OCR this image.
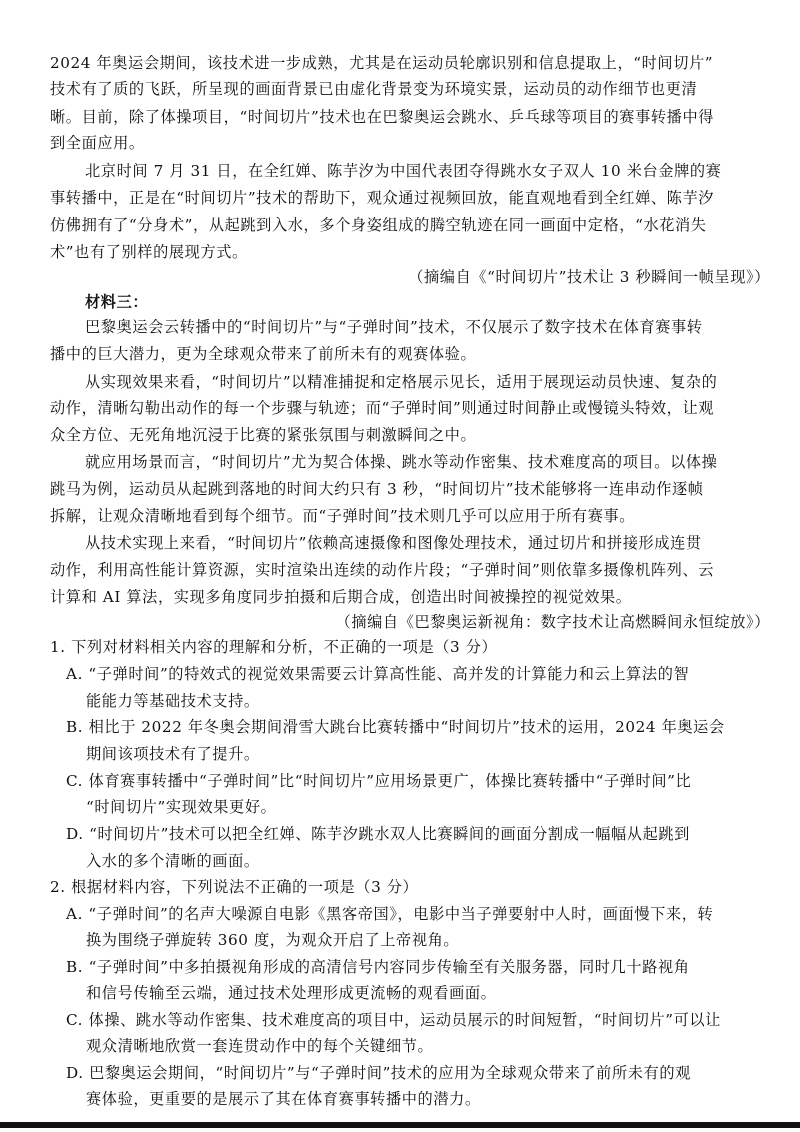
2024 年奥运会期间，该技术进一步成熟，尤其是在运动员轮廓识别和信息提取上，“时间切片”
技术有了质的飞跃，所呈现的画面背景已由虚化背景变为环境实景，运动员的动作细节也更清
晰。目前，除了体操项目，“时间切片”技术也在巴黎奥运会跳水、乒乓球等项目的赛事转播中得
到全面应用。
北京时间 7 月 31 日，在全红婵、陈芋汐为中国代表团夺得跳水女子双人 10 米台金牌的赛
事转播中，正是在“时间切片”技术的帮助下，观众通过视频回放，能直观地看到全红婵、陈芋汐
仿佛拥有了“分身术”，从起跳到入水，多个身姿组成的腾空轨迹在同一画面中定格，“水花消失
术”也有了别样的展现方式。
（摘编自《“时间切片”技术让 3 秒瞬间一帧呈现》）
材料三：
巴黎奥运会云转播中的“时间切片”与“子弹时间”技术，不仅展示了数字技术在体育赛事转
播中的巨大潜力，更为全球观众带来了前所未有的观赛体验。
从实现效果来看，“时间切片”以精准捕捉和定格展示见长，适用于展现运动员快速、复杂的
动作，清晰勾勒出动作的每一个步骤与轨迹；而“子弹时间”则通过时间静止或慢镜头特效，让观
众全方位、无死角地沉浸于比赛的紧张氛围与刺激瞬间之中。
就应用场景而言，“时间切片”尤为契合体操、跳水等动作密集、技术难度高的项目。以体操
跳马为例，运动员从起跳到落地的时间大约只有 3 秒，“时间切片”技术能够将一连串动作逐帧
拆解，让观众清晰地看到每个细节。而“子弹时间”技术则几乎可以应用于所有赛事。
从技术实现上来看，“时间切片”依赖高速摄像和图像处理技术，通过切片和拼接形成连贯
动作，利用高性能计算资源，实时渲染出连续的动作片段；“子弹时间”则依靠多摄像机阵列、云
计算和 AI 算法，实现多角度同步拍摄和后期合成，创造出时间被操控的视觉效果。
（摘编自《巴黎奥运新视角：数字技术让高燃瞬间永恒绽放》）
1. 下列对材料相关内容的理解和分析，不正确的一项是（3 分）
A. “子弹时间”的特效式的视觉效果需要云计算高性能、高并发的计算能力和云上算法的智
能能力等基础技术支持。
B. 相比于 2022 年冬奥会期间滑雪大跳台比赛转播中“时间切片”技术的运用，2024 年奥运会
期间该项技术有了提升。
C. 体育赛事转播中“子弹时间”比“时间切片”应用场景更广，体操比赛转播中“子弹时间”比
“时间切片”实现效果更好。
D. “时间切片”技术可以把全红婵、陈芋汐跳水双人比赛瞬间的画面分割成一幅幅从起跳到
入水的多个清晰的画面。
2. 根据材料内容，下列说法不正确的一项是（3 分）
A. “子弹时间”的名声大噪源自电影《黑客帝国》，电影中当子弹要射中人时，画面慢下来，转
换为围绕子弹旋转 360 度，为观众开启了上帝视角。
B. “子弹时间”中多拍摄视角形成的高清信号内容同步传输至有关服务器，同时几十路视角
和信号传输至云端，通过技术处理形成更流畅的观看画面。
C. 体操、跳水等动作密集、技术难度高的项目中，运动员展示的时间短暂，“时间切片”可以让
观众清晰地欣赏一套连贯动作中的每个关键细节。
D. 巴黎奥运会期间，“时间切片”与“子弹时间”技术的应用为全球观众带来了前所未有的观
赛体验，更重要的是展示了其在体育赛事转播中的潜力。
